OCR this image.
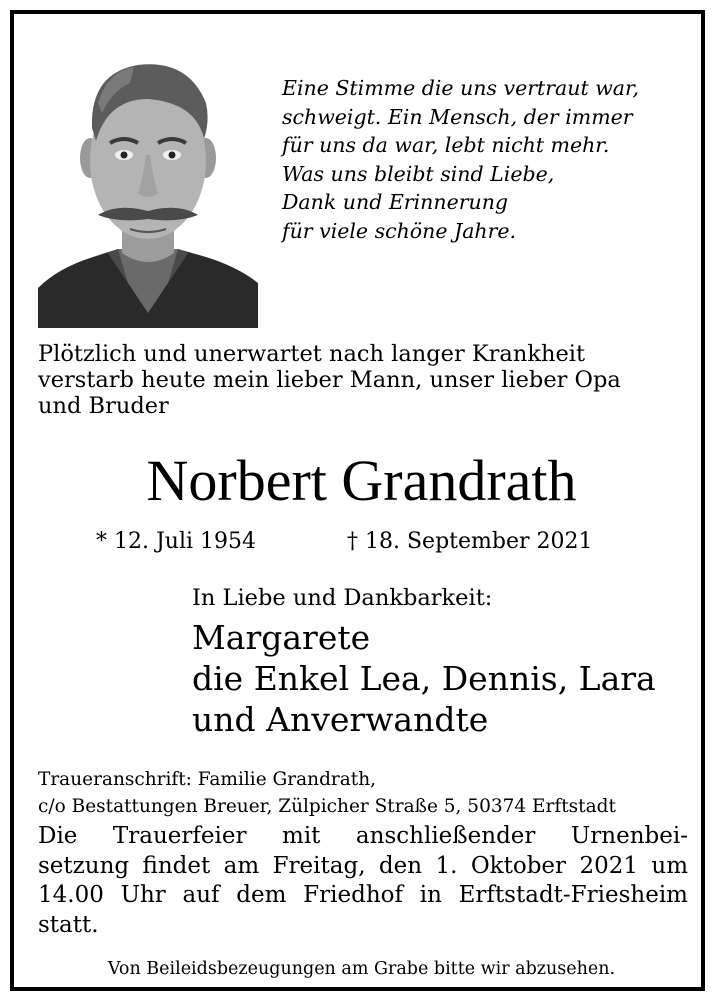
Eine Stimme die uns vertraut war,
schweigt. Ein Mensch, der immer
für uns da war, lebt nicht mehr.
Was uns bleibt sind Liebe,
Dank und Erinnerung
für viele schöne Jahre.
Plötzlich und unerwartet nach langer Krankheit
verstarb heute mein lieber Mann, unser lieber Opa
und Bruder
Norbert Grandrath
* 12. Juli 1954	† 18. September 2021
In Liebe und Dankbarkeit:
Margarete
die Enkel Lea, Dennis, Lara
und Anverwandte
Traueranschrift: Familie Grandrath,
c/o Bestattungen Breuer, Zülpicher Straße 5, 50374 Erftstadt
Die Trauerfeier mit anschließender Urnenbei-
setzung findet am Freitag, den 1. Oktober 2021 um
14.00 Uhr auf dem Friedhof in Erftstadt-Friesheim
statt.
Von Beileidsbezeugungen am Grabe bitte wir abzusehen.
